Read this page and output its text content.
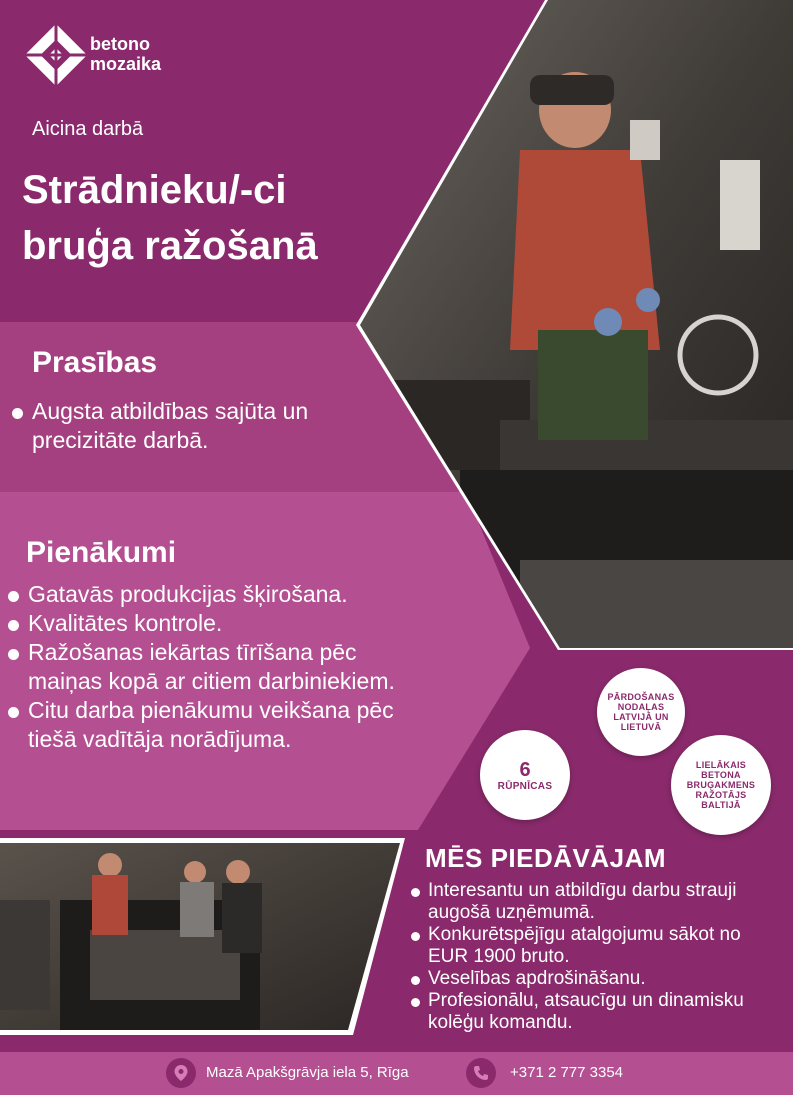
betono
mozaika
Aicina darbā
Strādnieku/-ci
bruģa ražošanā
Prasības
Augsta atbildības sajūta un precizitāte darbā.
Pienākumi
Gatavās produkcijas šķirošana.
Kvalitātes kontrole.
Ražošanas iekārtas tīrīšana pēc maiņas kopā ar citiem darbiniekiem.
Citu darba pienākumu veikšana pēc tiešā vadītāja norādījuma.
PĀRDOŠANAS NODAĻAS LATVIJĀ UN LIETUVĀ
6
RŪPNĪCAS
LIELĀKAIS BETONA BRUĢAKMENS RAŽOTĀJS BALTIJĀ
MĒS PIEDĀVĀJAM
Interesantu un atbildīgu darbu strauji augošā uzņēmumā.
Konkurētspējīgu atalgojumu sākot no EUR 1900 bruto.
Veselības apdrošināšanu.
Profesionālu, atsaucīgu un dinamisku kolēģu komandu.
Mazā Apakšgrāvja iela 5, Rīga	+371 2 777 3354
